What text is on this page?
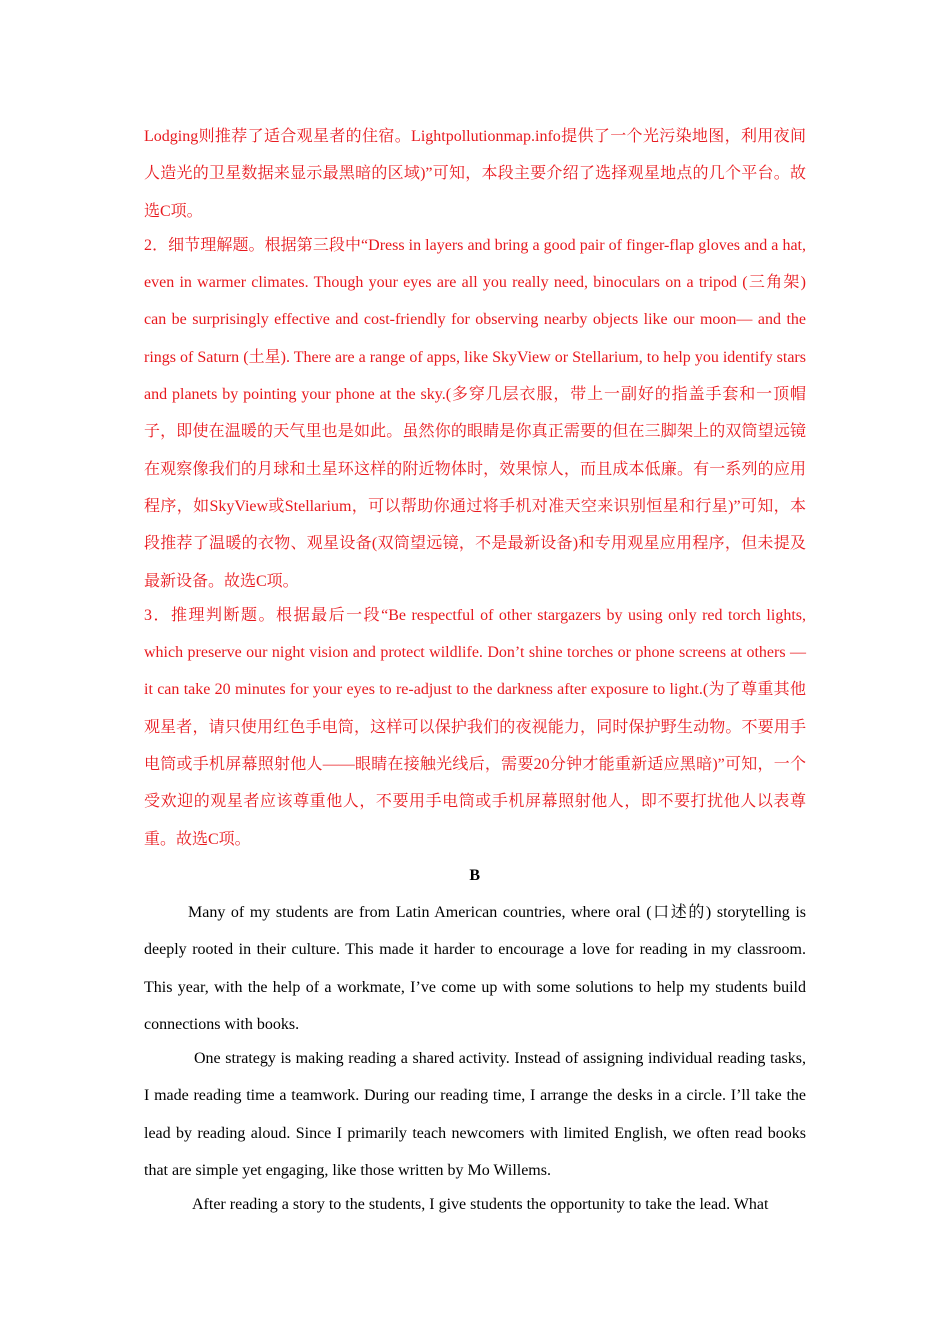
Lodging则推荐了适合观星者的住宿。Lightpollutionmap.info提供了一个光污染地图，利用夜间人造光的卫星数据来显示最黑暗的区域)”可知，本段主要介绍了选择观星地点的几个平台。故选C项。

2．细节理解题。根据第三段中“Dress in layers and bring a good pair of finger-flap gloves and a hat, even in warmer climates. Though your eyes are all you really need, binoculars on a tripod (三角架) can be surprisingly effective and cost-friendly for observing nearby objects like our moon— and the rings of Saturn (土星). There are a range of apps, like SkyView or Stellarium, to help you identify stars and planets by pointing your phone at the sky.(多穿几层衣服，带上一副好的指盖手套和一顶帽子，即使在温暖的天气里也是如此。虽然你的眼睛是你真正需要的但在三脚架上的双筒望远镜在观察像我们的月球和土星环这样的附近物体时，效果惊人，而且成本低廉。有一系列的应用程序，如SkyView或Stellarium，可以帮助你通过将手机对准天空来识别恒星和行星)”可知，本段推荐了温暖的衣物、观星设备(双筒望远镜，不是最新设备)和专用观星应用程序，但未提及最新设备。故选C项。

3．推理判断题。根据最后一段“Be respectful of other stargazers by using only red torch lights, which preserve our night vision and protect wildlife. Don’t shine torches or phone screens at others — it can take 20 minutes for your eyes to re-adjust to the darkness after exposure to light.(为了尊重其他观星者，请只使用红色手电筒，这样可以保护我们的夜视能力，同时保护野生动物。不要用手电筒或手机屏幕照射他人——眼睛在接触光线后，需要20分钟才能重新适应黑暗)”可知，一个受欢迎的观星者应该尊重他人，不要用手电筒或手机屏幕照射他人，即不要打扰他人以表尊重。故选C项。

B

Many of my students are from Latin American countries, where oral (口述的) storytelling is deeply rooted in their culture. This made it harder to encourage a love for reading in my classroom. This year, with the help of a workmate, I’ve come up with some solutions to help my students build connections with books.

One strategy is making reading a shared activity. Instead of assigning individual reading tasks, I made reading time a teamwork. During our reading time, I arrange the desks in a circle. I’ll take the lead by reading aloud. Since I primarily teach newcomers with limited English, we often read books that are simple yet engaging, like those written by Mo Willems.

After reading a story to the students, I give students the opportunity to take the lead. What
